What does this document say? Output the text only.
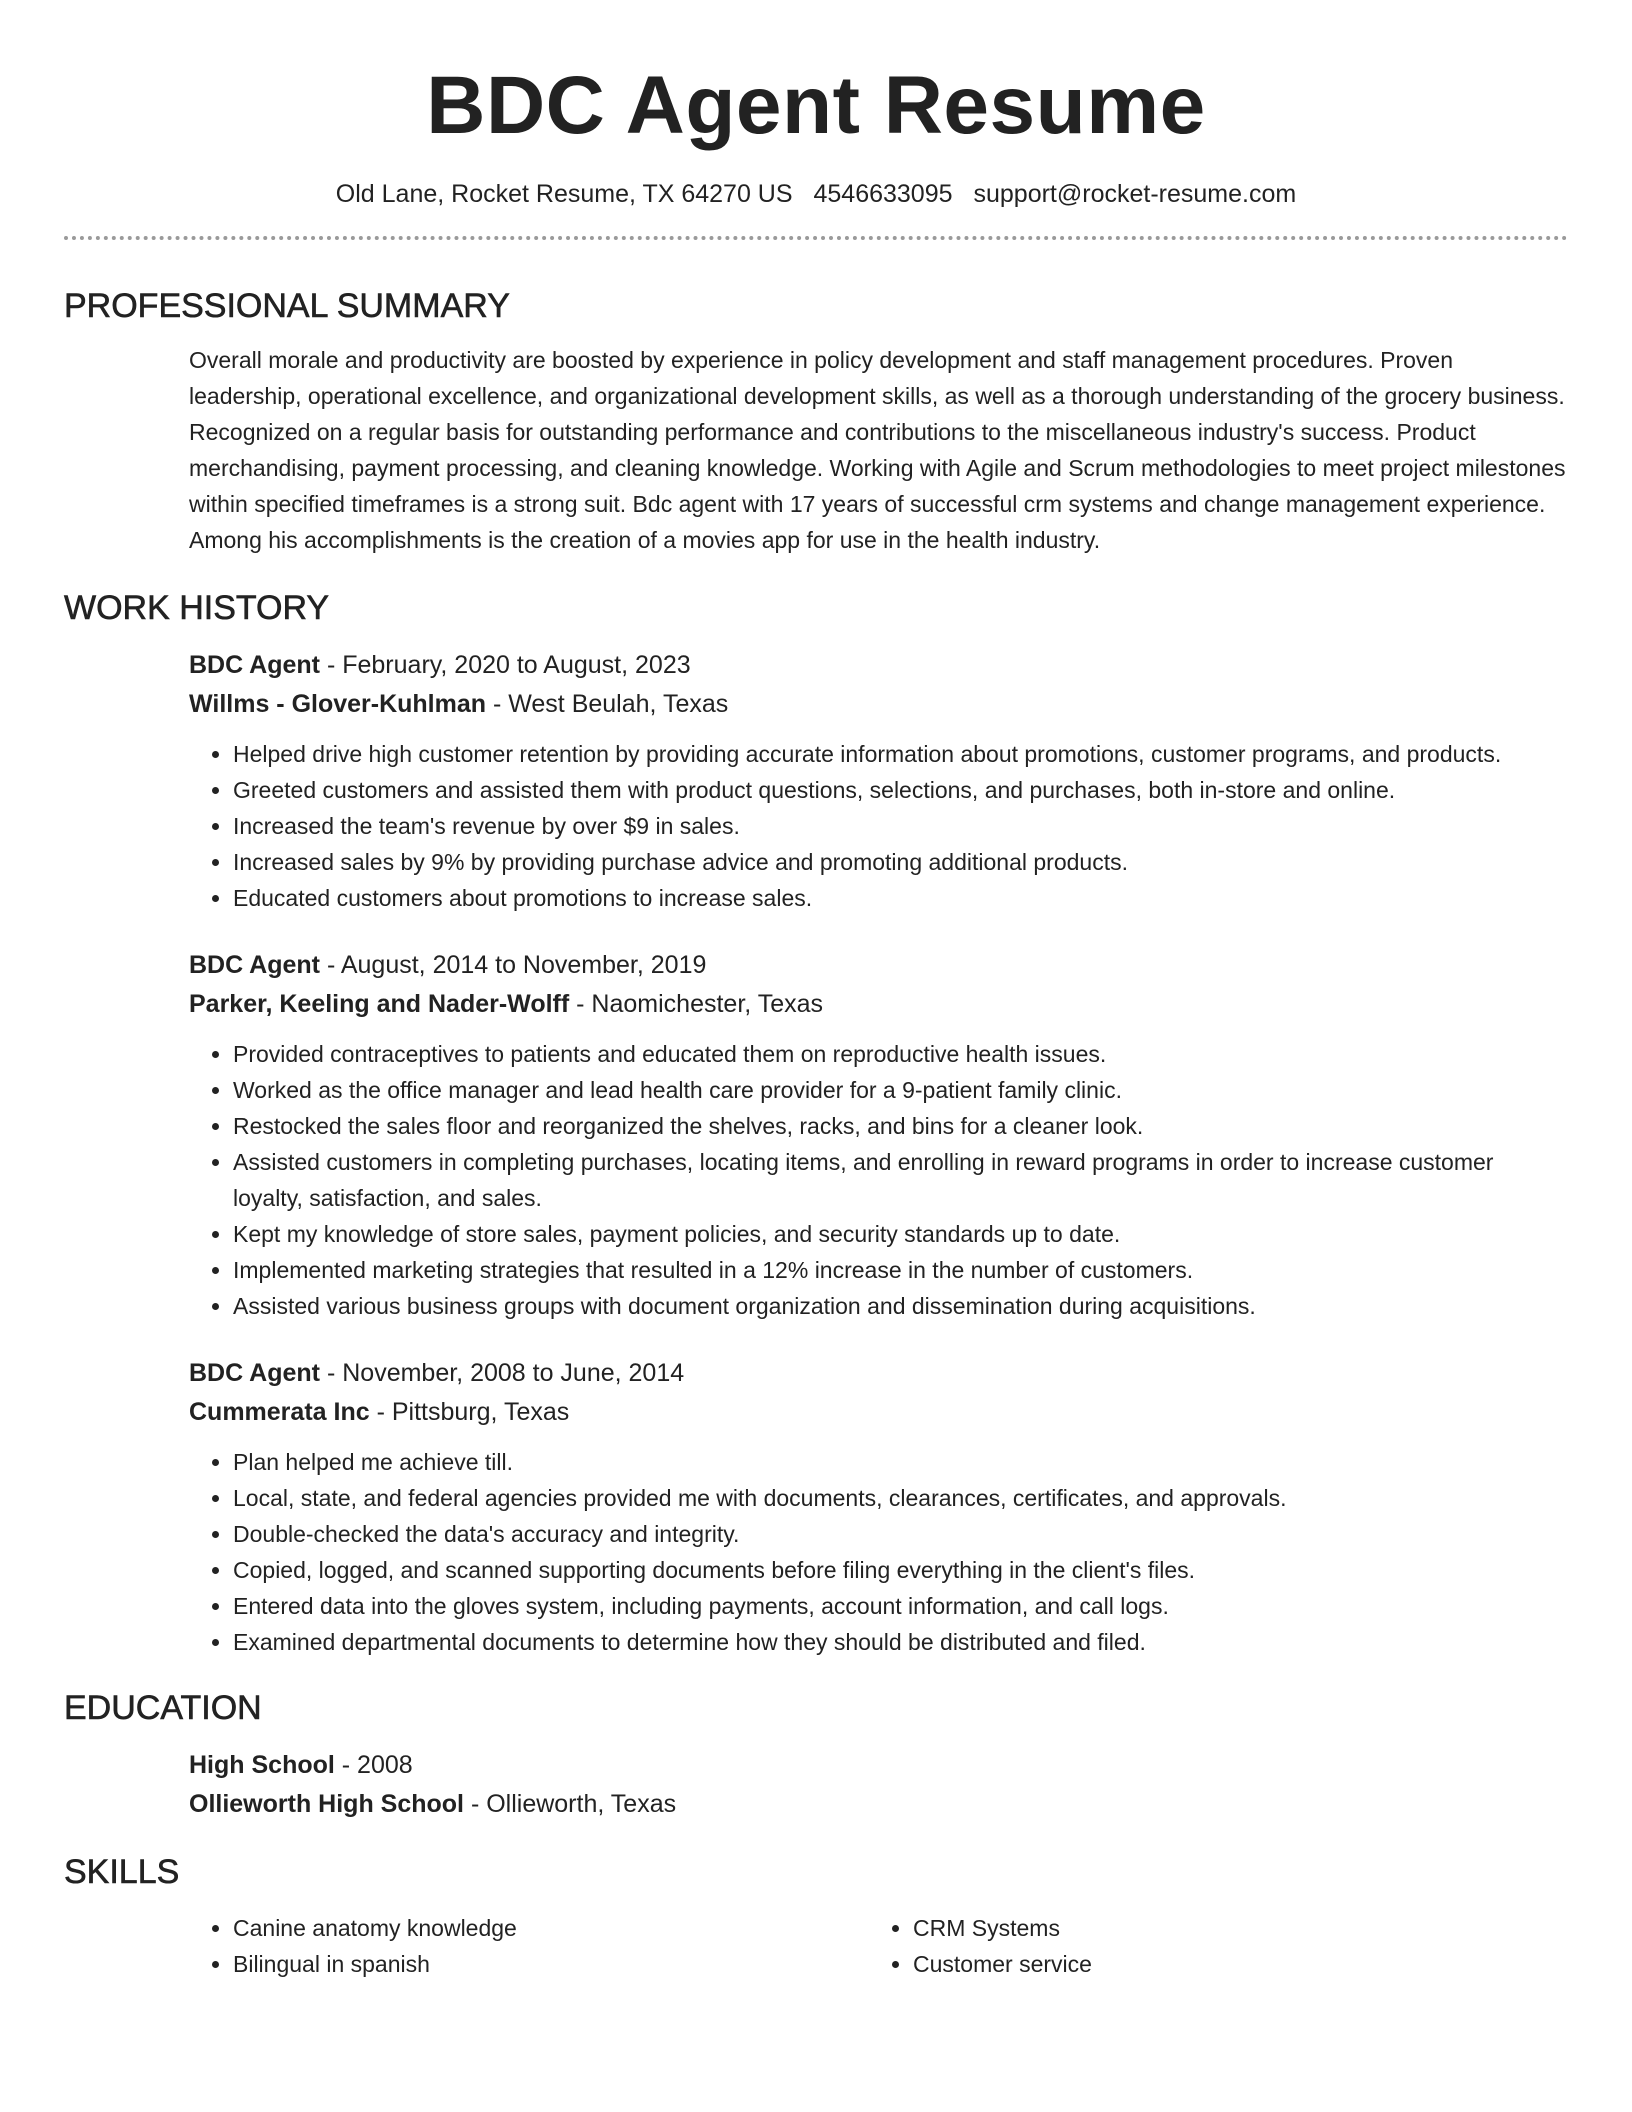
BDC Agent Resume
Old Lane, Rocket Resume, TX 64270 US 4546633095 support@rocket-resume.com
PROFESSIONAL SUMMARY
Overall morale and productivity are boosted by experience in policy development and staff management procedures. Proven leadership, operational excellence, and organizational development skills, as well as a thorough understanding of the grocery business. Recognized on a regular basis for outstanding performance and contributions to the miscellaneous industry's success. Product merchandising, payment processing, and cleaning knowledge. Working with Agile and Scrum methodologies to meet project milestones within specified timeframes is a strong suit. Bdc agent with 17 years of successful crm systems and change management experience. Among his accomplishments is the creation of a movies app for use in the health industry.
WORK HISTORY
BDC Agent - February, 2020 to August, 2023
Willms - Glover-Kuhlman - West Beulah, Texas
• Helped drive high customer retention by providing accurate information about promotions, customer programs, and products.
• Greeted customers and assisted them with product questions, selections, and purchases, both in-store and online.
• Increased the team's revenue by over $9 in sales.
• Increased sales by 9% by providing purchase advice and promoting additional products.
• Educated customers about promotions to increase sales.
BDC Agent - August, 2014 to November, 2019
Parker, Keeling and Nader-Wolff - Naomichester, Texas
• Provided contraceptives to patients and educated them on reproductive health issues.
• Worked as the office manager and lead health care provider for a 9-patient family clinic.
• Restocked the sales floor and reorganized the shelves, racks, and bins for a cleaner look.
• Assisted customers in completing purchases, locating items, and enrolling in reward programs in order to increase customer loyalty, satisfaction, and sales.
• Kept my knowledge of store sales, payment policies, and security standards up to date.
• Implemented marketing strategies that resulted in a 12% increase in the number of customers.
• Assisted various business groups with document organization and dissemination during acquisitions.
BDC Agent - November, 2008 to June, 2014
Cummerata Inc - Pittsburg, Texas
• Plan helped me achieve till.
• Local, state, and federal agencies provided me with documents, clearances, certificates, and approvals.
• Double-checked the data's accuracy and integrity.
• Copied, logged, and scanned supporting documents before filing everything in the client's files.
• Entered data into the gloves system, including payments, account information, and call logs.
• Examined departmental documents to determine how they should be distributed and filed.
EDUCATION
High School - 2008
Ollieworth High School - Ollieworth, Texas
SKILLS
• Canine anatomy knowledge
• Bilingual in spanish
• CRM Systems
• Customer service
